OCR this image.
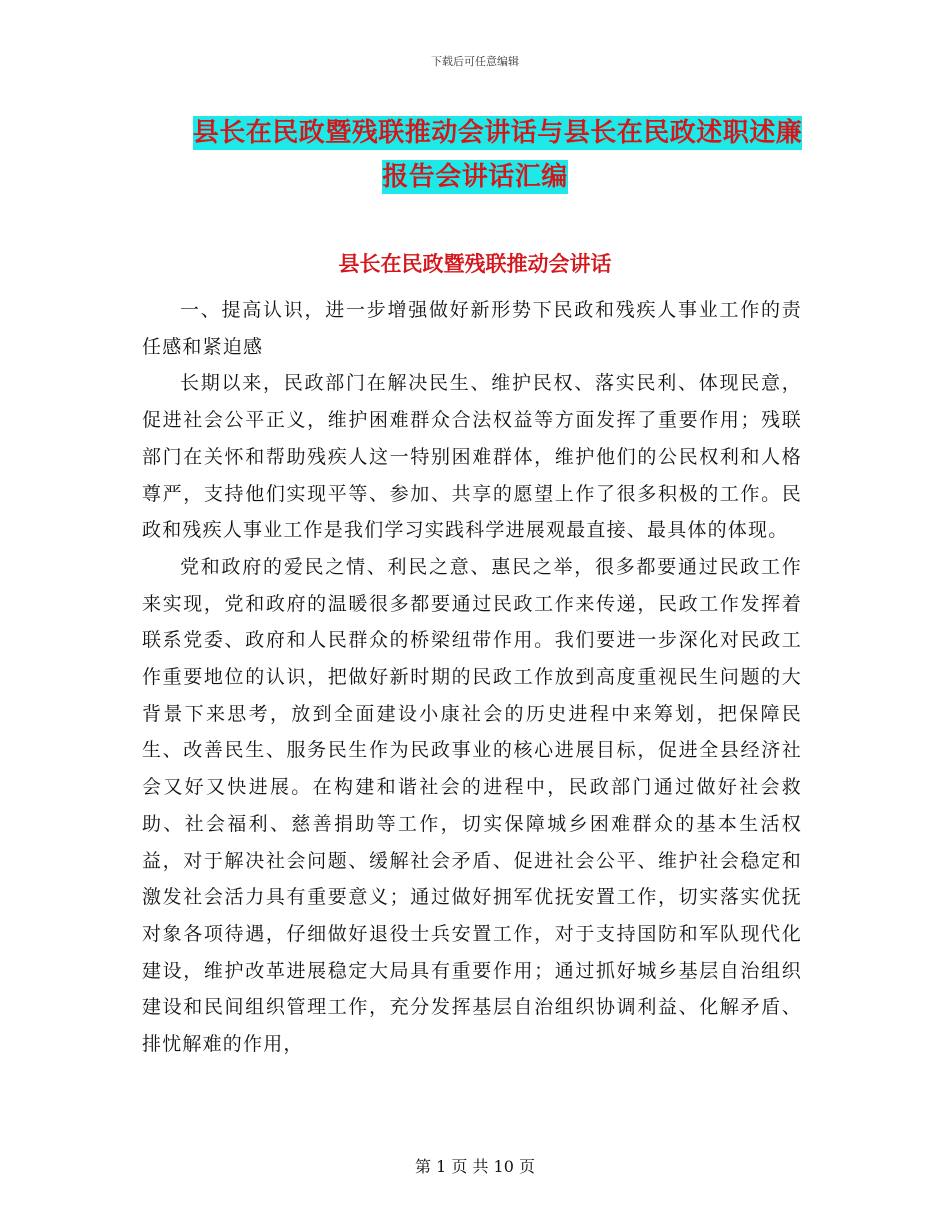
下载后可任意编辑
县长在民政暨残联推动会讲话与县长在民政述职述廉
报告会讲话汇编
县长在民政暨残联推动会讲话

一、提高认识，进一步增强做好新形势下民政和残疾人事业工作的责任感和紧迫感

长期以来，民政部门在解决民生、维护民权、落实民利、体现民意，促进社会公平正义，维护困难群众合法权益等方面发挥了重要作用；残联部门在关怀和帮助残疾人这一特别困难群体，维护他们的公民权利和人格尊严，支持他们实现平等、参加、共享的愿望上作了很多积极的工作。民政和残疾人事业工作是我们学习实践科学进展观最直接、最具体的体现。

党和政府的爱民之情、利民之意、惠民之举，很多都要通过民政工作来实现，党和政府的温暖很多都要通过民政工作来传递，民政工作发挥着联系党委、政府和人民群众的桥梁纽带作用。我们要进一步深化对民政工作重要地位的认识，把做好新时期的民政工作放到高度重视民生问题的大背景下来思考，放到全面建设小康社会的历史进程中来筹划，把保障民生、改善民生、服务民生作为民政事业的核心进展目标，促进全县经济社会又好又快进展。在构建和谐社会的进程中，民政部门通过做好社会救助、社会福利、慈善捐助等工作，切实保障城乡困难群众的基本生活权益，对于解决社会问题、缓解社会矛盾、促进社会公平、维护社会稳定和激发社会活力具有重要意义；通过做好拥军优抚安置工作，切实落实优抚对象各项待遇，仔细做好退役士兵安置工作，对于支持国防和军队现代化建设，维护改革进展稳定大局具有重要作用；通过抓好城乡基层自治组织建设和民间组织管理工作，充分发挥基层自治组织协调利益、化解矛盾、排忧解难的作用，

第 1 页 共 10 页
